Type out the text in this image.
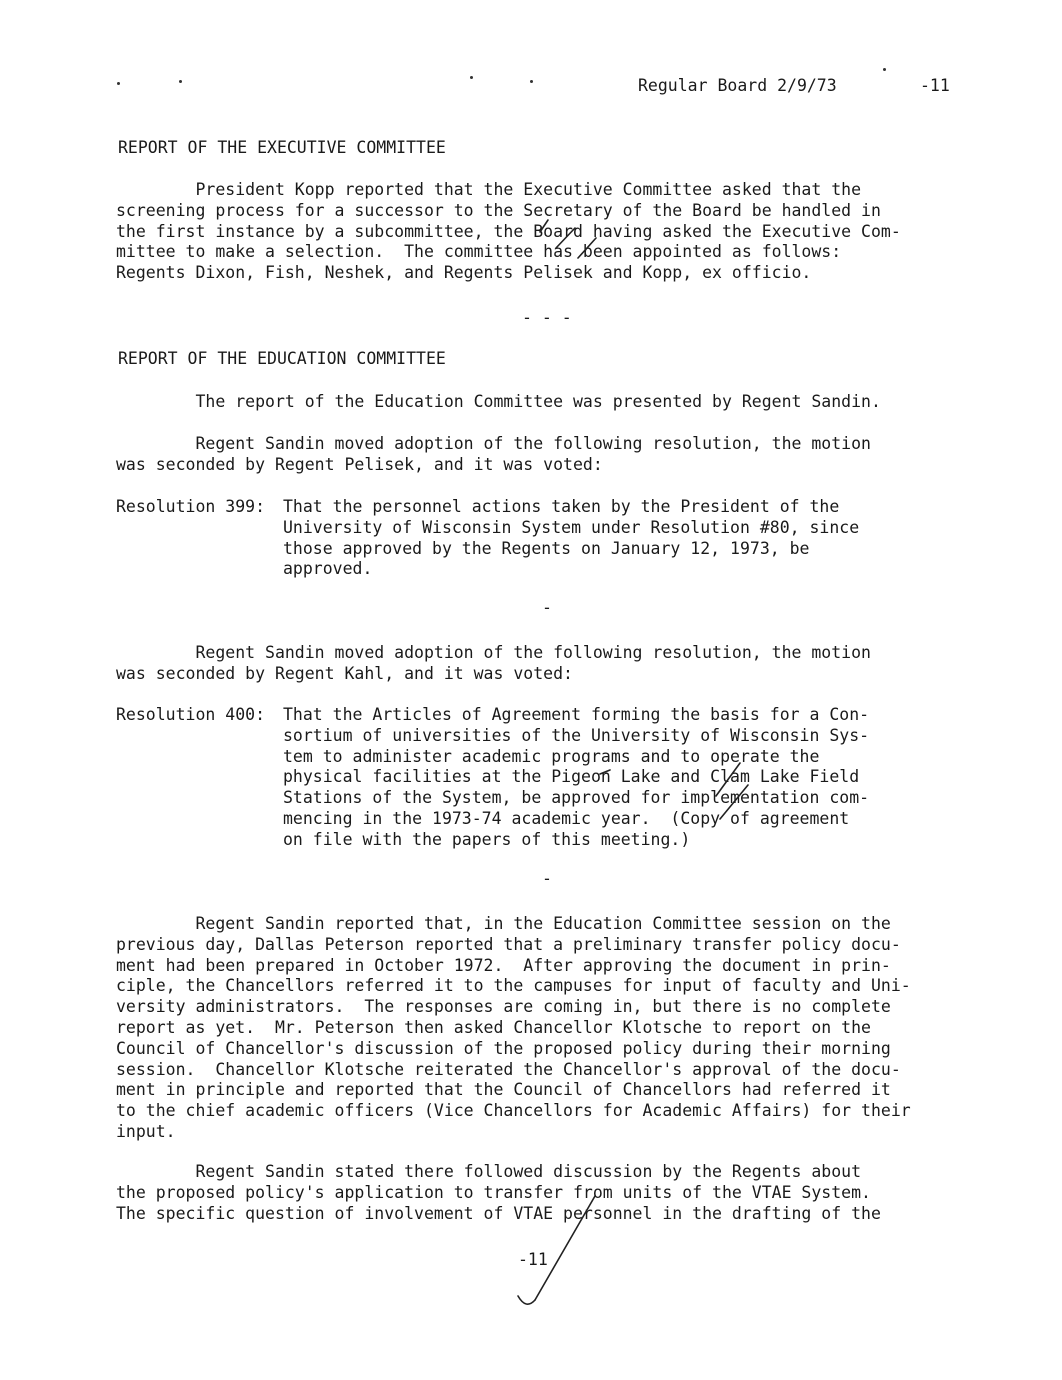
Regular Board 2/9/73	-11
REPORT OF THE EXECUTIVE COMMITTEE
President Kopp reported that the Executive Committee asked that the
screening process for a successor to the Secretary of the Board be handled in
the first instance by a subcommittee, the Board having asked the Executive Com-
mittee to make a selection.  The committee has been appointed as follows:
Regents Dixon, Fish, Neshek, and Regents Pelisek and Kopp, ex officio.
- - -
REPORT OF THE EDUCATION COMMITTEE
The report of the Education Committee was presented by Regent Sandin.
Regent Sandin moved adoption of the following resolution, the motion
was seconded by Regent Pelisek, and it was voted:
Resolution 399: That the personnel actions taken by the President of the
University of Wisconsin System under Resolution #80, since
those approved by the Regents on January 12, 1973, be
approved.
-
Regent Sandin moved adoption of the following resolution, the motion
was seconded by Regent Kahl, and it was voted:
Resolution 400: That the Articles of Agreement forming the basis for a Con-
sortium of universities of the University of Wisconsin Sys-
tem to administer academic programs and to operate the
physical facilities at the Pigeon Lake and Clam Lake Field
Stations of the System, be approved for implementation com-
mencing in the 1973-74 academic year.  (Copy of agreement
on file with the papers of this meeting.)
-
Regent Sandin reported that, in the Education Committee session on the
previous day, Dallas Peterson reported that a preliminary transfer policy docu-
ment had been prepared in October 1972.  After approving the document in prin-
ciple, the Chancellors referred it to the campuses for input of faculty and Uni-
versity administrators.  The responses are coming in, but there is no complete
report as yet.  Mr. Peterson then asked Chancellor Klotsche to report on the
Council of Chancellor's discussion of the proposed policy during their morning
session.  Chancellor Klotsche reiterated the Chancellor's approval of the docu-
ment in principle and reported that the Council of Chancellors had referred it
to the chief academic officers (Vice Chancellors for Academic Affairs) for their
input.
Regent Sandin stated there followed discussion by the Regents about
the proposed policy's application to transfer from units of the VTAE System.
The specific question of involvement of VTAE personnel in the drafting of the
-11
